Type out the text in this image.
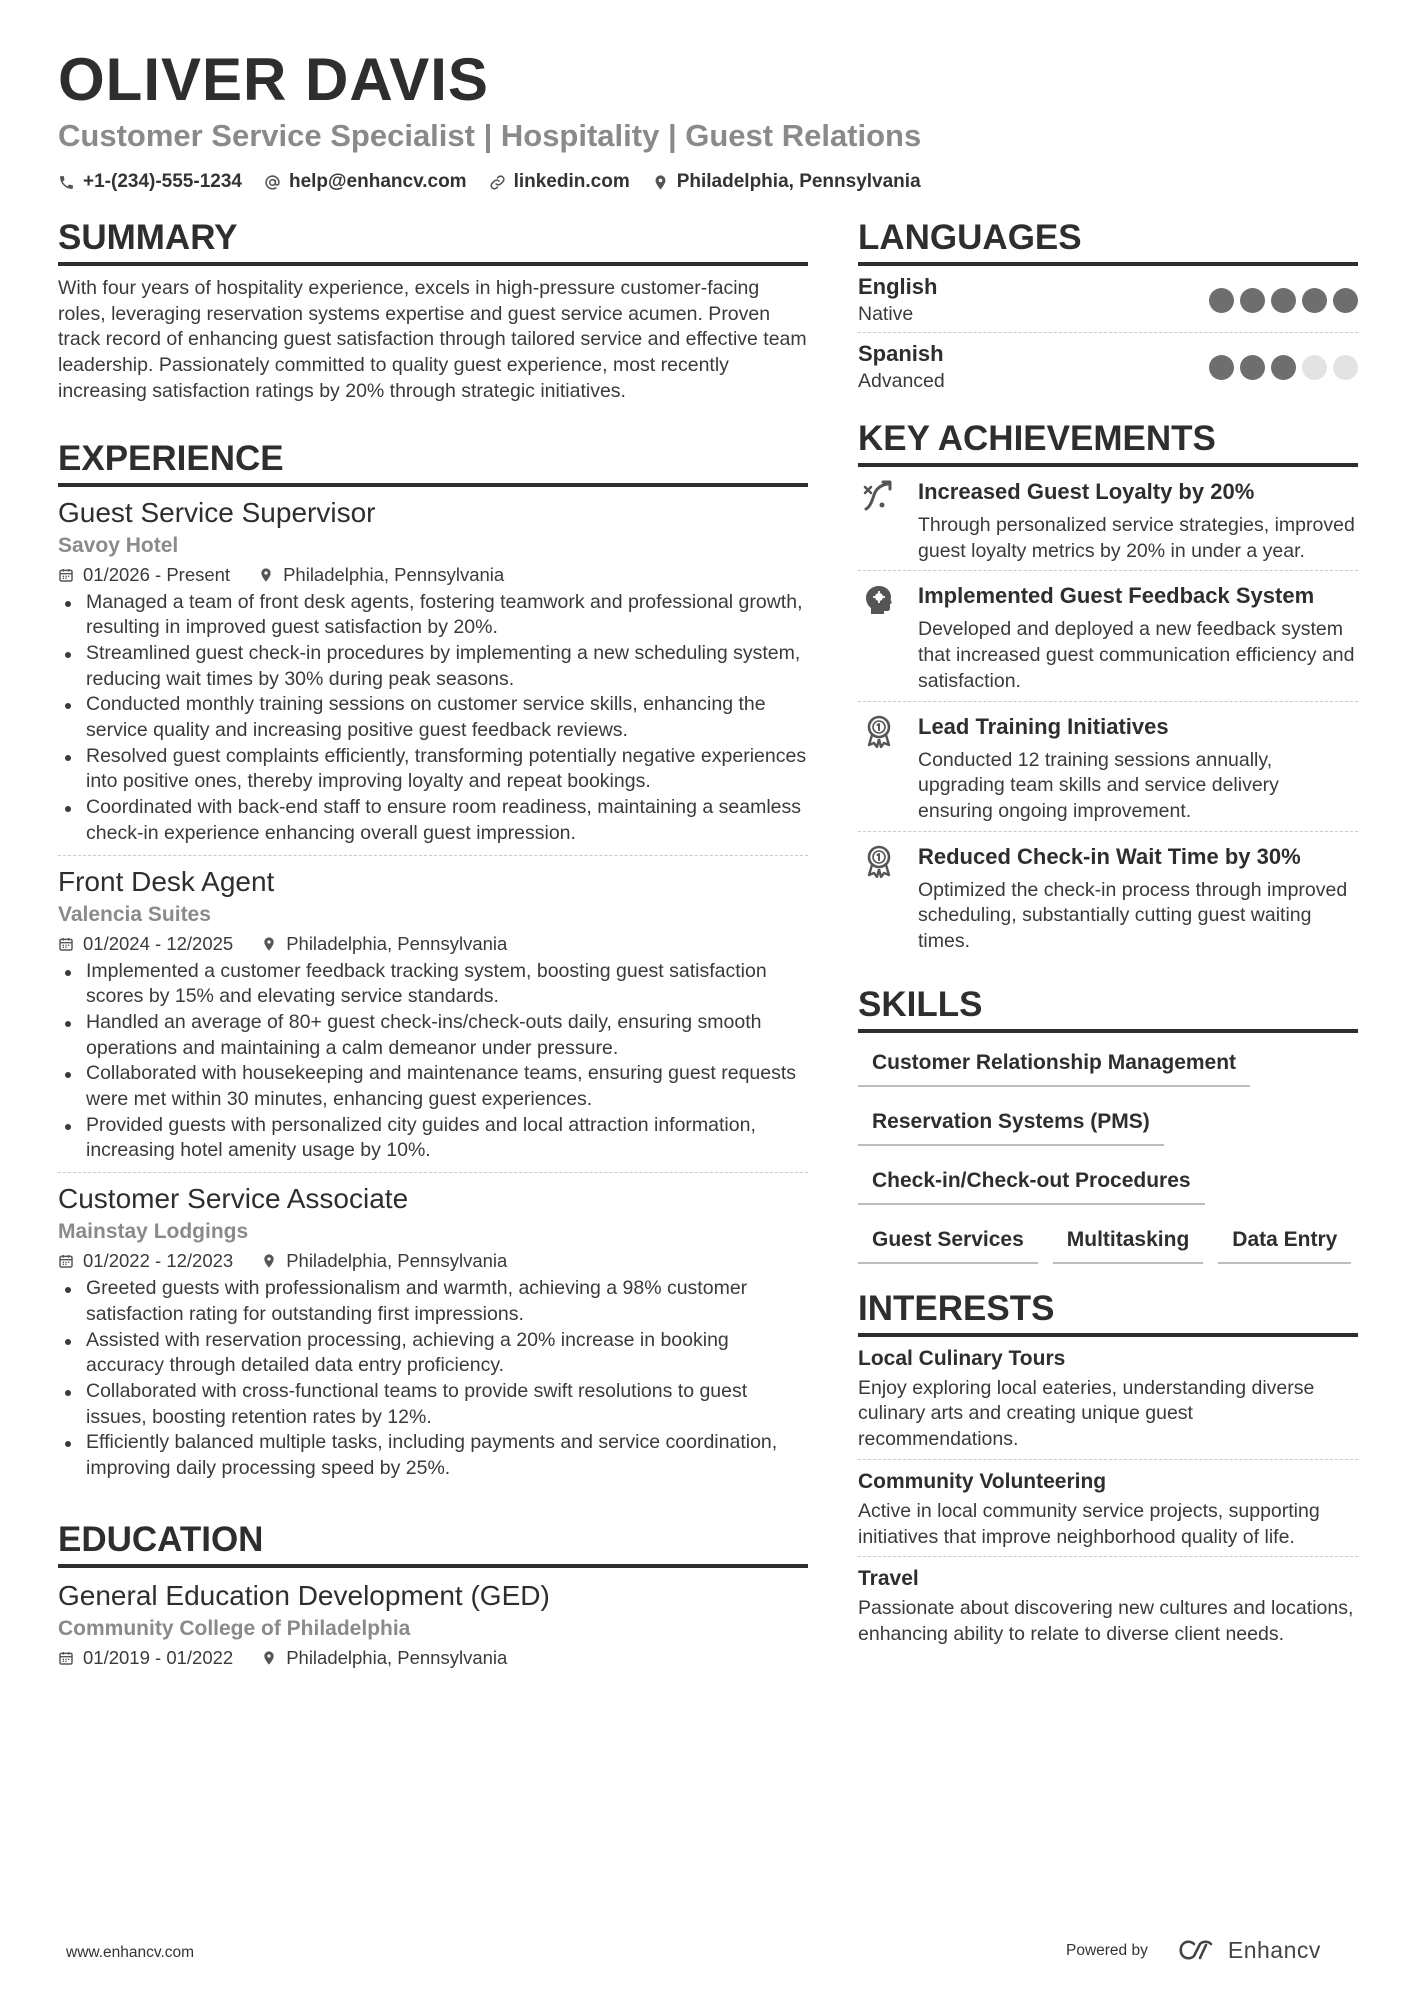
OLIVER DAVIS
Customer Service Specialist | Hospitality | Guest Relations
+1-(234)-555-1234 help@enhancv.com linkedin.com Philadelphia, Pennsylvania
SUMMARY

With four years of hospitality experience, excels in high-pressure customer-facing roles, leveraging reservation systems expertise and guest service acumen. Proven track record of enhancing guest satisfaction through tailored service and effective team leadership. Passionately committed to quality guest experience, most recently increasing satisfaction ratings by 20% through strategic initiatives.

EXPERIENCE
Guest Service Supervisor
Savoy Hotel
01/2026 - Present	Philadelphia, Pennsylvania
Managed a team of front desk agents, fostering teamwork and professional growth, resulting in improved guest satisfaction by 20%.
Streamlined guest check-in procedures by implementing a new scheduling system, reducing wait times by 30% during peak seasons.
Conducted monthly training sessions on customer service skills, enhancing the service quality and increasing positive guest feedback reviews.
Resolved guest complaints efficiently, transforming potentially negative experiences into positive ones, thereby improving loyalty and repeat bookings.
Coordinated with back-end staff to ensure room readiness, maintaining a seamless check-in experience enhancing overall guest impression.
Front Desk Agent
Valencia Suites
01/2024 - 12/2025	Philadelphia, Pennsylvania
Implemented a customer feedback tracking system, boosting guest satisfaction scores by 15% and elevating service standards.
Handled an average of 80+ guest check-ins/check-outs daily, ensuring smooth operations and maintaining a calm demeanor under pressure.
Collaborated with housekeeping and maintenance teams, ensuring guest requests were met within 30 minutes, enhancing guest experiences.
Provided guests with personalized city guides and local attraction information, increasing hotel amenity usage by 10%.
Customer Service Associate
Mainstay Lodgings
01/2022 - 12/2023	Philadelphia, Pennsylvania
Greeted guests with professionalism and warmth, achieving a 98% customer satisfaction rating for outstanding first impressions.
Assisted with reservation processing, achieving a 20% increase in booking accuracy through detailed data entry proficiency.
Collaborated with cross-functional teams to provide swift resolutions to guest issues, boosting retention rates by 12%.
Efficiently balanced multiple tasks, including payments and service coordination, improving daily processing speed by 25%.
EDUCATION
General Education Development (GED)
Community College of Philadelphia
01/2019 - 01/2022	Philadelphia, Pennsylvania
LANGUAGES
English
Native
Spanish
Advanced
KEY ACHIEVEMENTS
Increased Guest Loyalty by 20%
Through personalized service strategies, improved guest loyalty metrics by 20% in under a year.
Implemented Guest Feedback System
Developed and deployed a new feedback system that increased guest communication efficiency and satisfaction.
Lead Training Initiatives
Conducted 12 training sessions annually, upgrading team skills and service delivery ensuring ongoing improvement.
Reduced Check-in Wait Time by 30%
Optimized the check-in process through improved scheduling, substantially cutting guest waiting times.
SKILLS
Customer Relationship Management
Reservation Systems (PMS)
Check-in/Check-out Procedures
Guest Services	Multitasking	Data Entry
INTERESTS
Local Culinary Tours
Enjoy exploring local eateries, understanding diverse culinary arts and creating unique guest recommendations.
Community Volunteering
Active in local community service projects, supporting initiatives that improve neighborhood quality of life.
Travel
Passionate about discovering new cultures and locations, enhancing ability to relate to diverse client needs.
www.enhancv.com	Powered by	Enhancv
